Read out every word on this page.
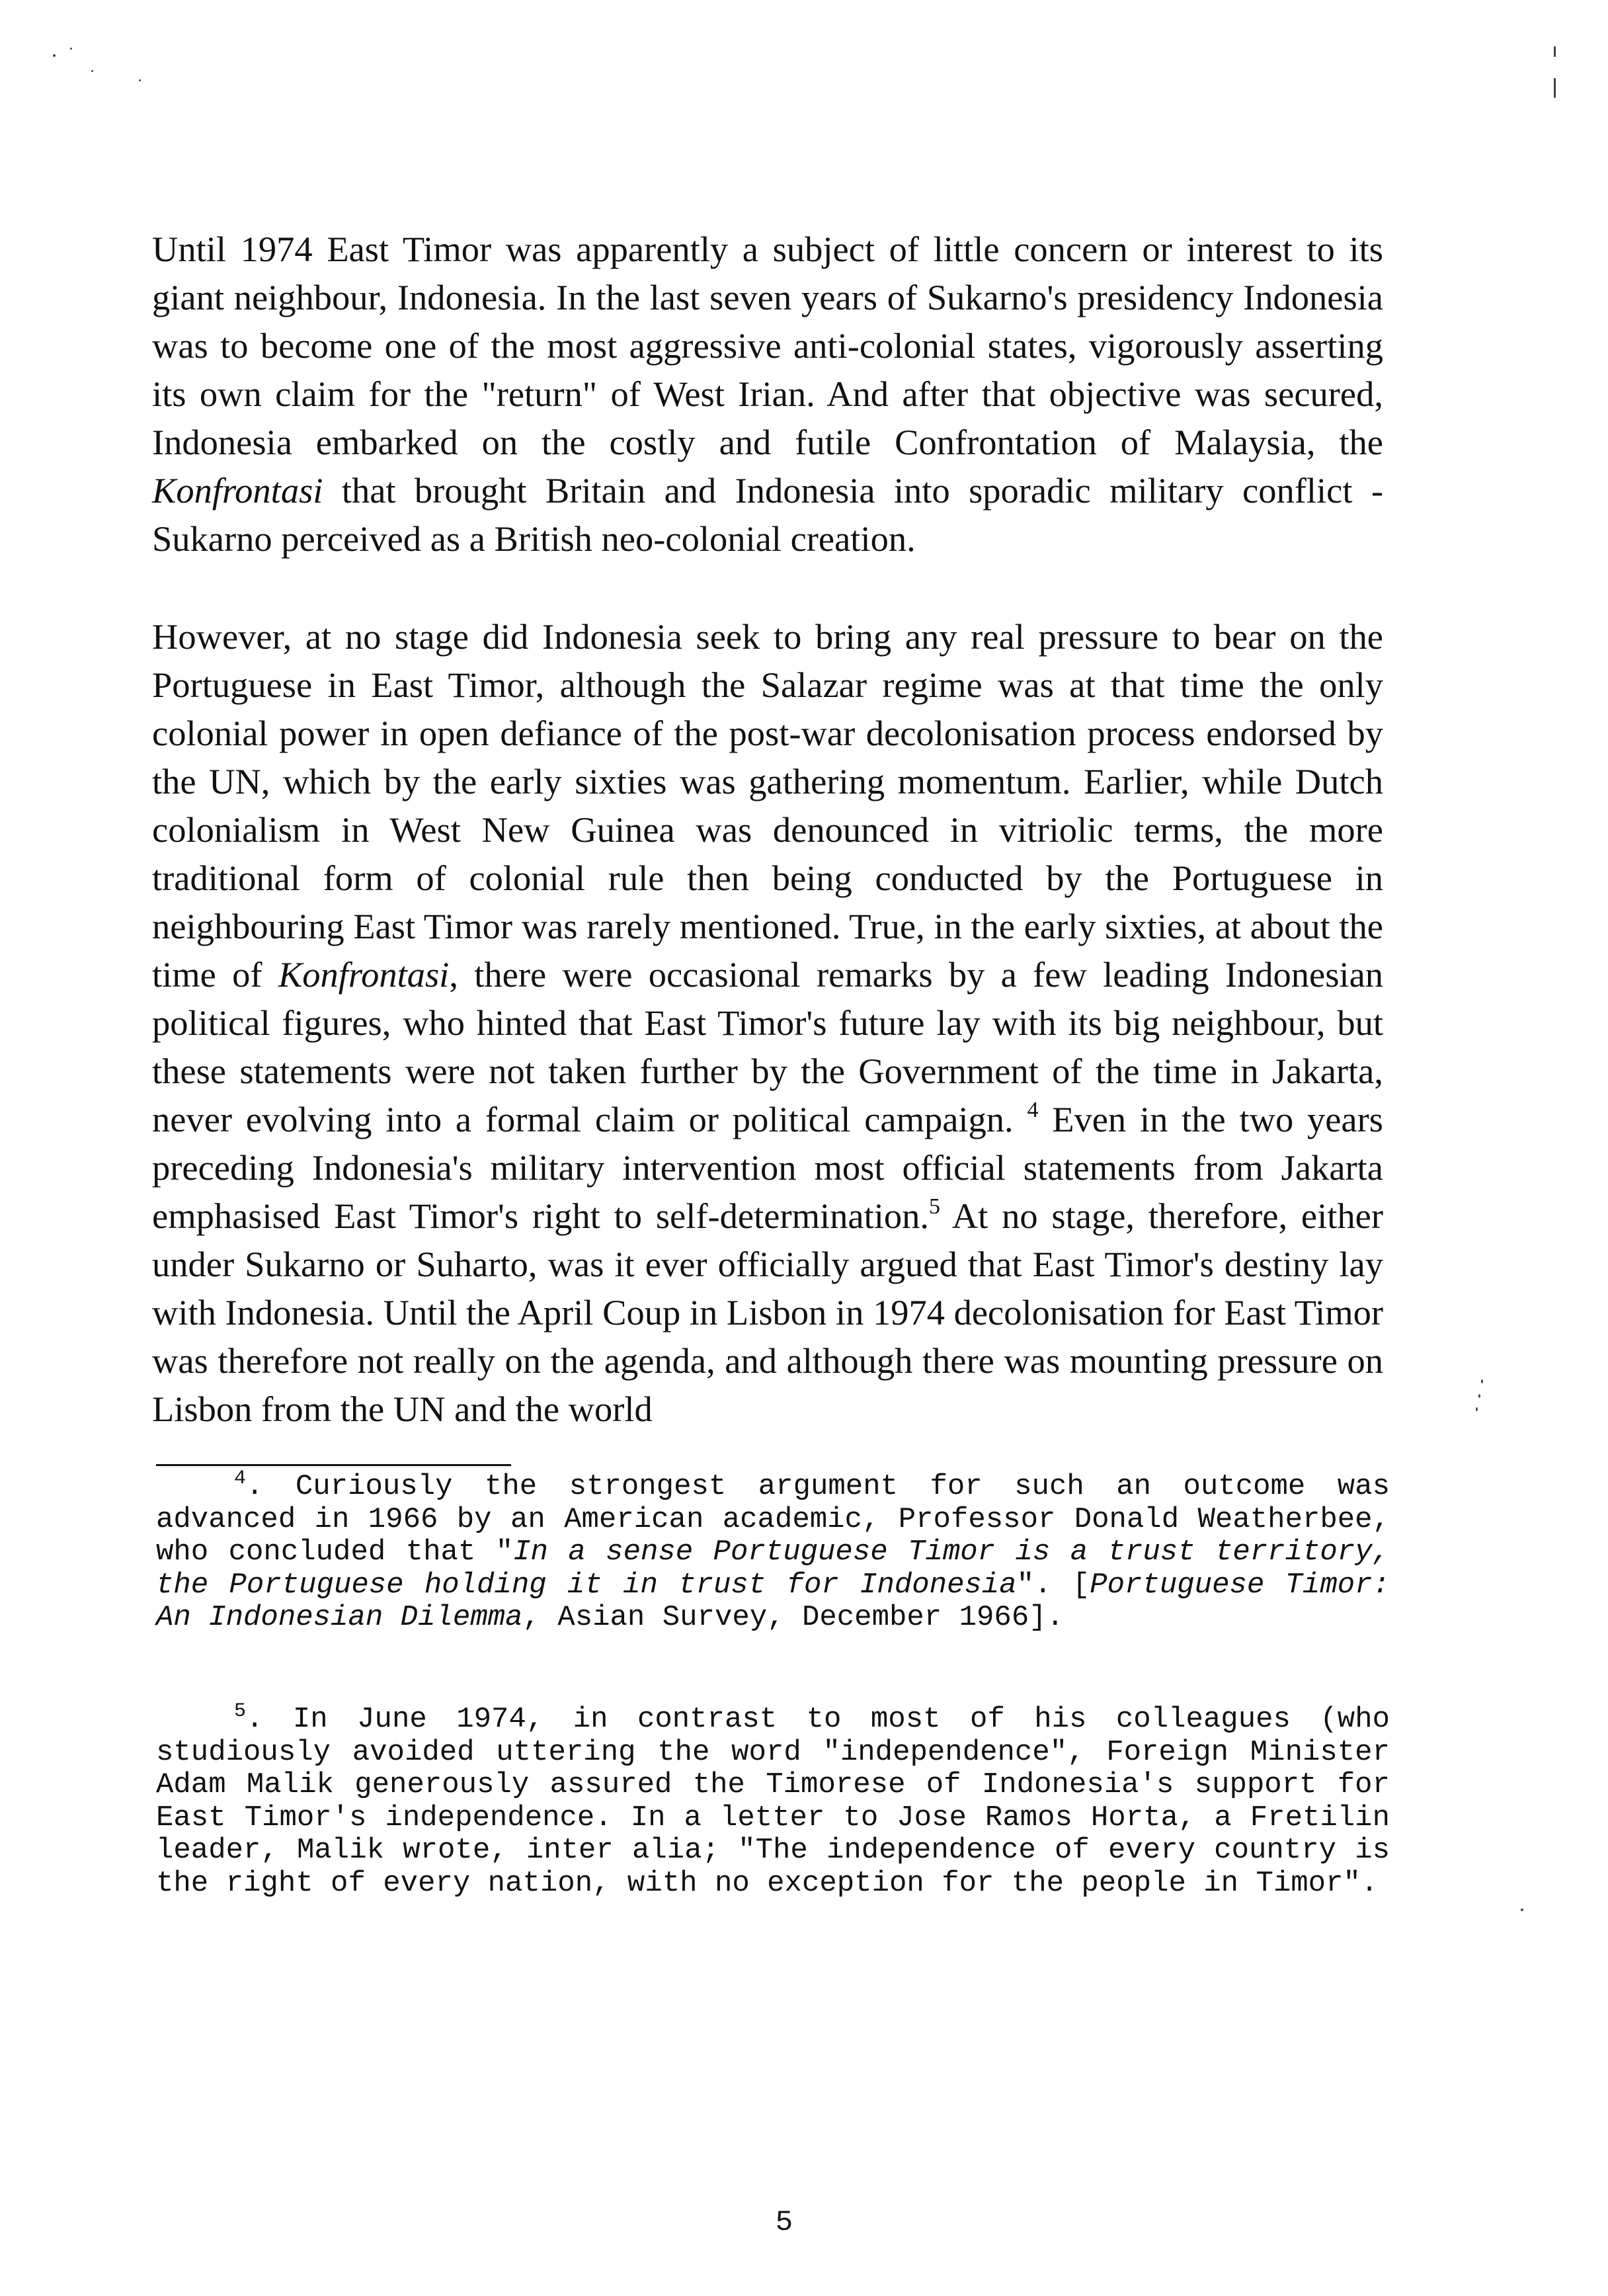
Until 1974 East Timor was apparently a subject of little concern or interest to its giant neighbour, Indonesia. In the last seven years of Sukarno's presidency Indonesia was to become one of the most aggressive anti-colonial states, vigorously asserting its own claim for the "return" of West Irian. And after that objective was secured, Indonesia embarked on the costly and futile Confrontation of Malaysia, the Konfrontasi that brought Britain and Indonesia into sporadic military conflict - Sukarno perceived as a British neo-colonial creation.

However, at no stage did Indonesia seek to bring any real pressure to bear on the Portuguese in East Timor, although the Salazar regime was at that time the only colonial power in open defiance of the post-war decolonisation process endorsed by the UN, which by the early sixties was gathering momentum. Earlier, while Dutch colonialism in West New Guinea was denounced in vitriolic terms, the more traditional form of colonial rule then being conducted by the Portuguese in neighbouring East Timor was rarely mentioned. True, in the early sixties, at about the time of Konfrontasi, there were occasional remarks by a few leading Indonesian political figures, who hinted that East Timor's future lay with its big neighbour, but these statements were not taken further by the Government of the time in Jakarta, never evolving into a formal claim or political campaign. $^4$ Even in the two years preceding Indonesia's military intervention most official statements from Jakarta emphasised East Timor's right to self-determination.$^5$ At no stage, therefore, either under Sukarno or Suharto, was it ever officially argued that East Timor's destiny lay with Indonesia. Until the April Coup in Lisbon in 1974 decolonisation for East Timor was therefore not really on the agenda, and although there was mounting pressure on Lisbon from the UN and the world

$^4$. Curiously the strongest argument for such an outcome was advanced in 1966 by an American academic, Professor Donald Weatherbee, who concluded that "In a sense Portuguese Timor is a trust territory, the Portuguese holding it in trust for Indonesia". [Portuguese Timor: An Indonesian Dilemma, Asian Survey, December 1966].

$^5$. In June 1974, in contrast to most of his colleagues (who studiously avoided uttering the word "independence", Foreign Minister Adam Malik generously assured the Timorese of Indonesia's support for East Timor's independence. In a letter to Jose Ramos Horta, a Fretilin leader, Malik wrote, inter alia; "The independence of every country is the right of every nation, with no exception for the people in Timor".

5
